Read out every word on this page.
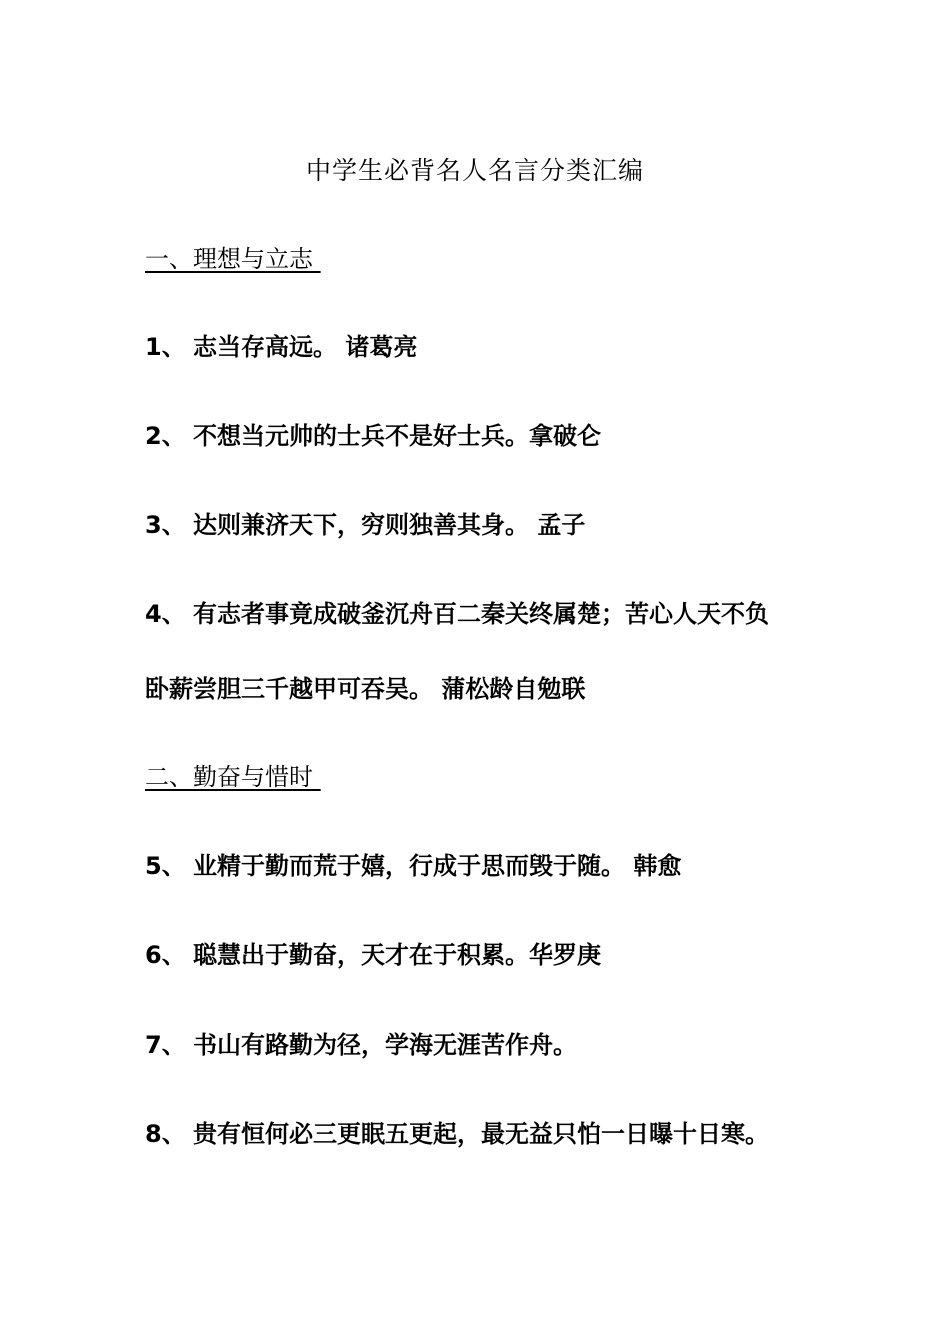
中学生必背名人名言分类汇编
一、理想与立志
1、 志当存高远。 诸葛亮
2、 不想当元帅的士兵不是好士兵。拿破仑
3、 达则兼济天下，穷则独善其身。 孟子
4、 有志者事竟成破釜沉舟百二秦关终属楚；苦心人天不负
卧薪尝胆三千越甲可吞吴。 蒲松龄自勉联
二、勤奋与惜时
5、 业精于勤而荒于嬉，行成于思而毁于随。 韩愈
6、 聪慧出于勤奋，天才在于积累。华罗庚
7、 书山有路勤为径，学海无涯苦作舟。
8、 贵有恒何必三更眠五更起，最无益只怕一日曝十日寒。
